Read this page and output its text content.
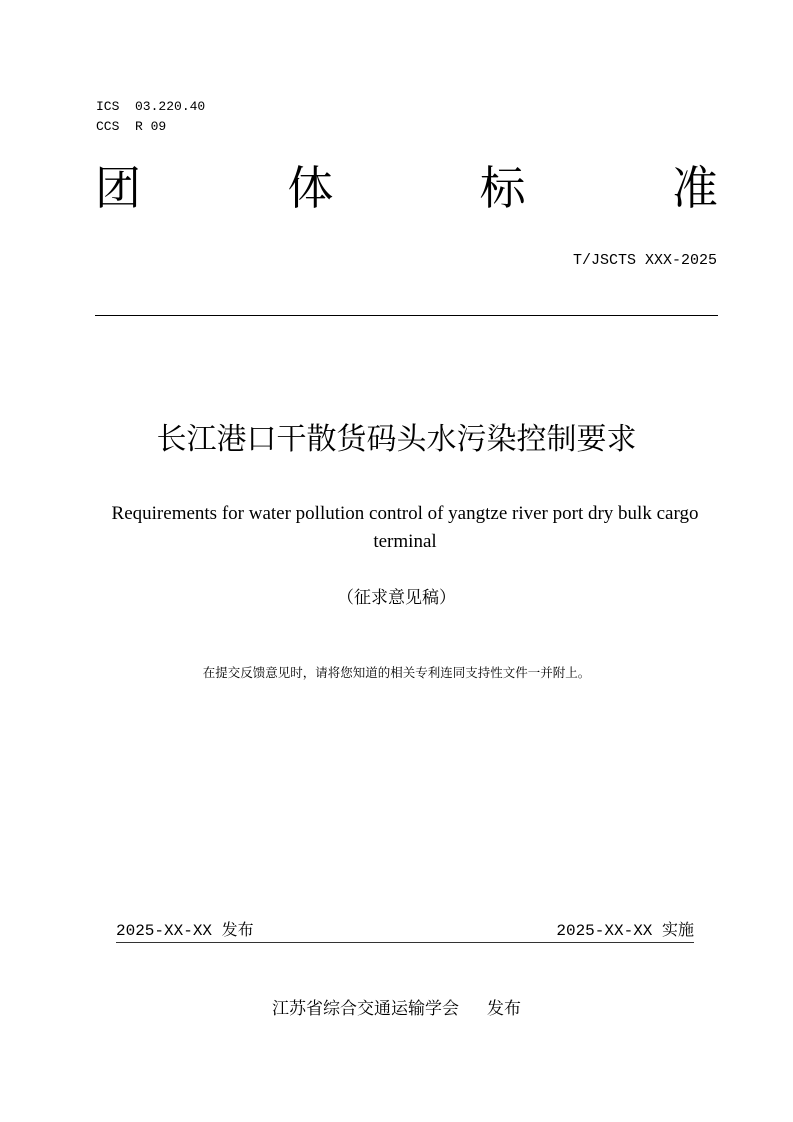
ICS  03.220.40
CCS  R 09
团	体	标	准
T/JSCTS XXX-2025
长江港口干散货码头水污染控制要求
Requirements for water pollution control of yangtze river port dry bulk cargo terminal
（征求意见稿）
在提交反馈意见时，请将您知道的相关专利连同支持性文件一并附上。
2025-XX-XX 发布	2025-XX-XX 实施
江苏省综合交通运输学会 发布
